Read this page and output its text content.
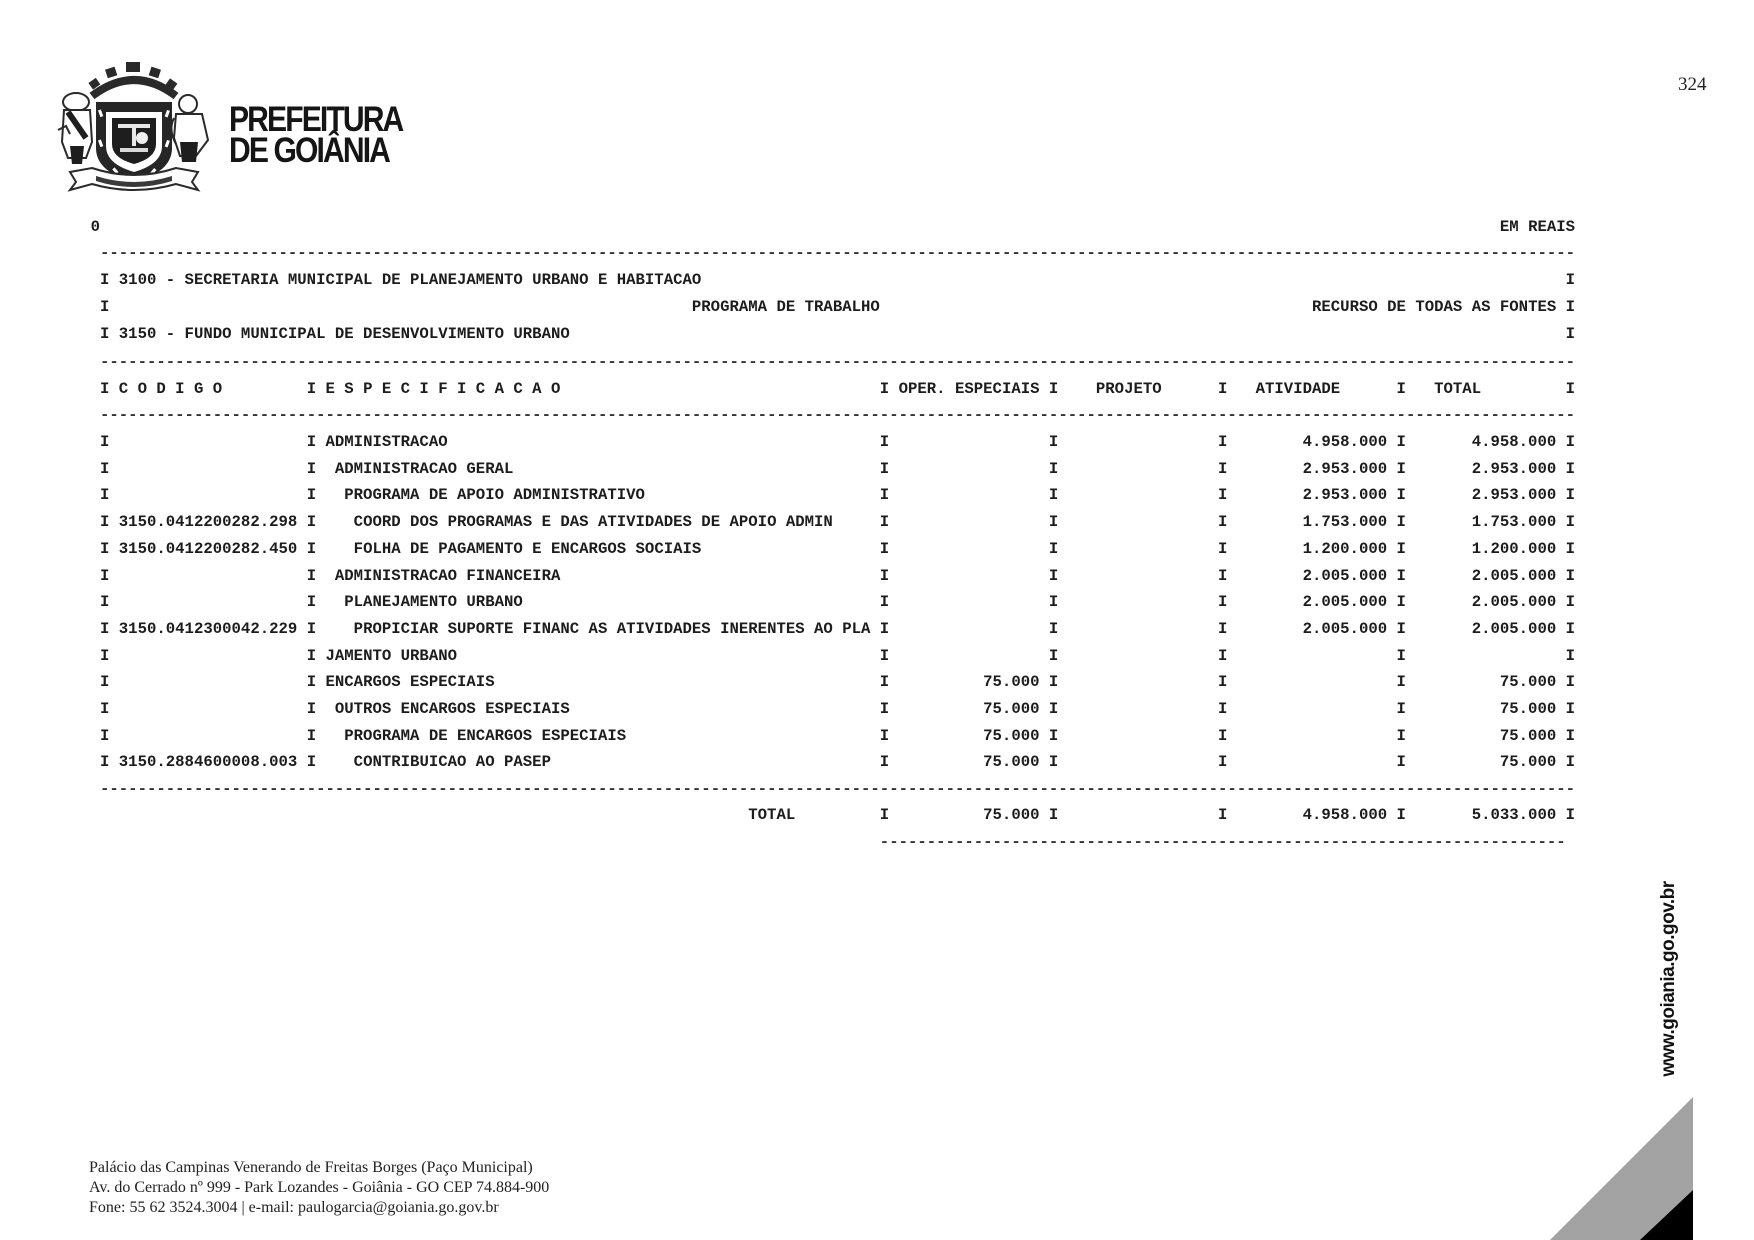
324
PREFEITURA
DE GOIÂNIA
0	EM REAIS
-------------------------------------------------------------------------------------------------------------------------------------------------------------
I 3100 - SECRETARIA MUNICIPAL DE PLANEJAMENTO URBANO E HABITACAO	I
I	PROGRAMA DE TRABALHO	RECURSO DE TODAS AS FONTES I
I 3150 - FUNDO MUNICIPAL DE DESENVOLVIMENTO URBANO	I
-------------------------------------------------------------------------------------------------------------------------------------------------------------
I C O D I G O	I E S P E C I F I C A C A O	I OPER. ESPECIAIS I PROJETO	I ATIVIDADE	I TOTAL	I
-------------------------------------------------------------------------------------------------------------------------------------------------------------
I	I ADMINISTRACAO	I	I	I	4.958.000 I	4.958.000 I
I	I ADMINISTRACAO GERAL	I	I	I	2.953.000 I	2.953.000 I
I	I PROGRAMA DE APOIO ADMINISTRATIVO	I	I	I	2.953.000 I	2.953.000 I
I 3150.0412200282.298 I COORD DOS PROGRAMAS E DAS ATIVIDADES DE APOIO ADMIN	I	I	I	1.753.000 I	1.753.000 I
I 3150.0412200282.450 I FOLHA DE PAGAMENTO E ENCARGOS SOCIAIS	I	I	I	1.200.000 I	1.200.000 I
I	I ADMINISTRACAO FINANCEIRA	I	I	I	2.005.000 I	2.005.000 I
I	I PLANEJAMENTO URBANO	I	I	I	2.005.000 I	2.005.000 I
I 3150.0412300042.229 I PROPICIAR SUPORTE FINANC AS ATIVIDADES INERENTES AO PLA I	I	I	2.005.000 I	2.005.000 I
I	I JAMENTO URBANO	I	I	I	I	I
I	I ENCARGOS ESPECIAIS	I	75.000 I	I	I	75.000 I
I	I OUTROS ENCARGOS ESPECIAIS	I	75.000 I	I	I	75.000 I
I	I PROGRAMA DE ENCARGOS ESPECIAIS	I	75.000 I	I	I	75.000 I
I 3150.2884600008.003 I CONTRIBUICAO AO PASEP	I	75.000 I	I	I	75.000 I
-------------------------------------------------------------------------------------------------------------------------------------------------------------
TOTAL	I	75.000 I	I	4.958.000 I	5.033.000 I
-------------------------------------------------------------------------
www.goiania.go.gov.br
Palácio das Campinas Venerando de Freitas Borges (Paço Municipal)
Av. do Cerrado nº 999 - Park Lozandes - Goiânia - GO CEP 74.884-900
Fone: 55 62 3524.3004 | e-mail: paulogarcia@goiania.go.gov.br
